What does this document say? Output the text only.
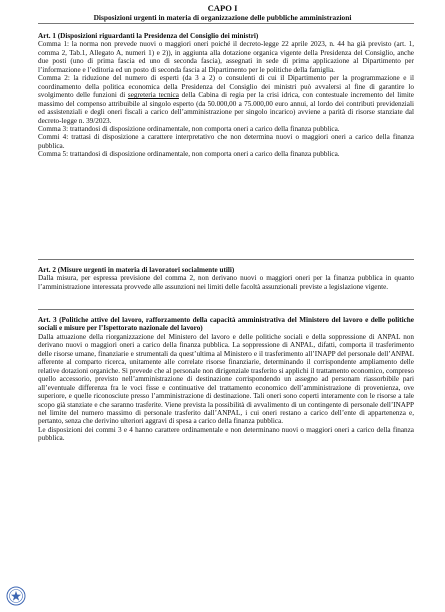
CAPO I
Disposizioni urgenti in materia di organizzazione delle pubbliche amministrazioni

Art. 1 (Disposizioni riguardanti la Presidenza del Consiglio dei ministri)

Comma 1: la norma non prevede nuovi o maggiori oneri poiché il decreto-legge 22 aprile 2023, n. 44 ha già previsto (art. 1, comma 2, Tab.1, Allegato A, numeri 1) e 2)), in aggiunta alla dotazione organica vigente della Presidenza del Consiglio, anche due posti (uno di prima fascia ed uno di seconda fascia), assegnati in sede di prima applicazione al Dipartimento per l’informazione e l’editoria ed un posto di seconda fascia al Dipartimento per le politiche della famiglia.

Comma 2: la riduzione del numero di esperti (da 3 a 2) o consulenti di cui il Dipartimento per la programmazione e il coordinamento della politica economica della Presidenza del Consiglio dei ministri può avvalersi al fine di garantire lo svolgimento delle funzioni di segreteria tecnica della Cabina di regia per la crisi idrica, con contestuale incremento del limite massimo del compenso attribuibile al singolo esperto (da 50.000,00 a 75.000,00 euro annui, al lordo dei contributi previdenziali ed assistenziali e degli oneri fiscali a carico dell’amministrazione per singolo incarico) avviene a parità di risorse stanziate dal decreto-legge n. 39/2023.

Comma 3: trattandosi di disposizione ordinamentale, non comporta oneri a carico della finanza pubblica.

Commi 4: trattasi di disposizione a carattere interpretativo che non determina nuovi o maggiori oneri a carico della finanza pubblica.

Comma 5: trattandosi di disposizione ordinamentale, non comporta oneri a carico della finanza pubblica.

Art. 2 (Misure urgenti in materia di lavoratori socialmente utili)

Dalla misura, per espressa previsione del comma 2, non derivano nuovi o maggiori oneri per la finanza pubblica in quanto l’amministrazione interessata provvede alle assunzioni nei limiti delle facoltà assunzionali previste a legislazione vigente.

Art. 3 (Politiche attive del lavoro, rafforzamento della capacità amministrativa del Ministero del lavoro e delle politiche sociali e misure per l’Ispettorato nazionale del lavoro)

Dalla attuazione della riorganizzazione del Ministero del lavoro e delle politiche sociali e della soppressione di ANPAL non derivano nuovi o maggiori oneri a carico della finanza pubblica. La soppressione di ANPAL, difatti, comporta il trasferimento delle risorse umane, finanziarie e strumentali da quest’ultima al Ministero e il trasferimento all’INAPP del personale dell’ANPAL afferente al comparto ricerca, unitamente alle correlate risorse finanziarie, determinando il corrispondente ampliamento delle relative dotazioni organiche. Si prevede che al personale non dirigenziale trasferito si applichi il trattamento economico, compreso quello accessorio, previsto nell’amministrazione di destinazione corrispondendo un assegno ad personam riassorbibile pari all’eventuale differenza fra le voci fisse e continuative del trattamento economico dell’amministrazione di provenienza, ove superiore, e quelle riconosciute presso l’amministrazione di destinazione. Tali oneri sono coperti interamente con le risorse a tale scopo già stanziate e che saranno trasferite. Viene prevista la possibilità di avvalimento di un contingente di personale dell’INAPP nel limite del numero massimo di personale trasferito dall’ANPAL, i cui oneri restano a carico dell’ente di appartenenza e, pertanto, senza che derivino ulteriori aggravi di spesa a carico della finanza pubblica.

Le disposizioni dei commi 3 e 4 hanno carattere ordinamentale e non determinano nuovi o maggiori oneri a carico della finanza pubblica.
